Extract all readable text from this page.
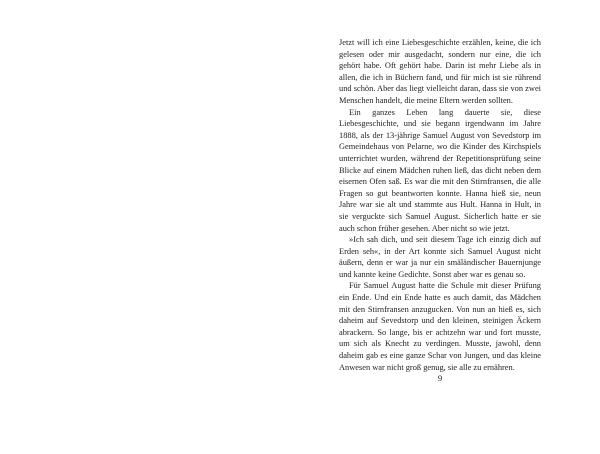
Jetzt will ich eine Liebesgeschichte erzählen, keine, die ich gelesen oder mir ausgedacht, sondern nur eine, die ich gehört habe. Oft gehört habe. Darin ist mehr Liebe als in allen, die ich in Büchern fand, und für mich ist sie rührend und schön. Aber das liegt vielleicht daran, dass sie von zwei Menschen handelt, die meine Eltern werden sollten.

Ein ganzes Leben lang dauerte sie, diese Liebesgeschichte, und sie begann irgendwann im Jahre 1888, als der 13-jährige Samuel August von Sevedstorp im Gemeindehaus von Pelarne, wo die Kinder des Kirchspiels unterrichtet wurden, während der Repetitionsprüfung seine Blicke auf einem Mädchen ruhen ließ, das dicht neben dem eisernen Ofen saß. Es war die mit den Stirnfransen, die alle Fragen so gut beantworten konnte. Hanna hieß sie, neun Jahre war sie alt und stammte aus Hult. Hanna in Hult, in sie verguckte sich Samuel August. Sicherlich hatte er sie auch schon früher gesehen. Aber nicht so wie jetzt.

»Ich sah dich, und seit diesem Tage ich einzig dich auf Erden seh«, in der Art konnte sich Samuel August nicht äußern, denn er war ja nur ein smäländischer Bauernjunge und kannte keine Gedichte. Sonst aber war es genau so.

Für Samuel August hatte die Schule mit dieser Prüfung ein Ende. Und ein Ende hatte es auch damit, das Mädchen mit den Stirnfransen anzugucken. Von nun an hieß es, sich daheim auf Sevedstorp und den kleinen, steinigen Äckern abrackern. So lange, bis er achtzehn war und fort musste, um sich als Knecht zu verdingen. Musste, jawohl, denn daheim gab es eine ganze Schar von Jungen, und das kleine Anwesen war nicht groß genug, sie alle zu ernähren.

9
